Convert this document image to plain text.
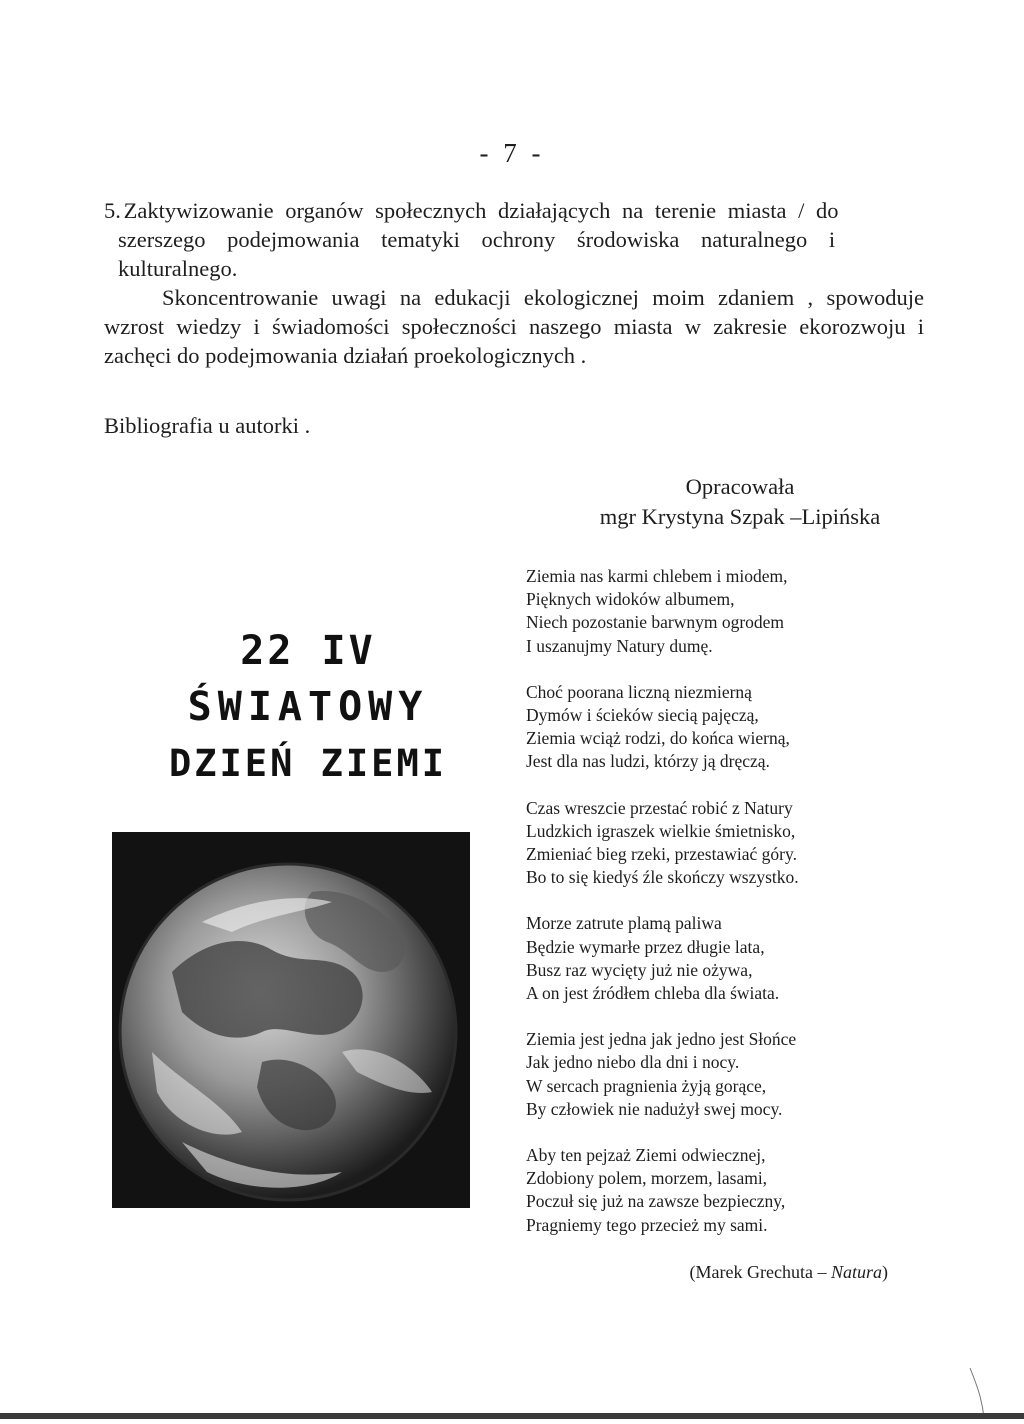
- 7 -
5. Zaktywizowanie organów społecznych działających na terenie miasta / do
szerszego podejmowania tematyki ochrony środowiska naturalnego i
kulturalnego.
Skoncentrowanie uwagi na edukacji ekologicznej moim zdaniem , spowoduje wzrost wiedzy i świadomości społeczności naszego miasta w zakresie ekorozwoju i zachęci do podejmowania działań proekologicznych .
Bibliografia u autorki .
Opracowała
mgr Krystyna Szpak –Lipińska
22 IV
ŚWIATOWY
DZIEŃ ZIEMI
Ziemia nas karmi chlebem i miodem,
Pięknych widoków albumem,
Niech pozostanie barwnym ogrodem
I uszanujmy Natury dumę.
Choć poorana liczną niezmierną
Dymów i ścieków siecią pajęczą,
Ziemia wciąż rodzi, do końca wierną,
Jest dla nas ludzi, którzy ją dręczą.
Czas wreszcie przestać robić z Natury
Ludzkich igraszek wielkie śmietnisko,
Zmieniać bieg rzeki, przestawiać góry.
Bo to się kiedyś źle skończy wszystko.
Morze zatrute plamą paliwa
Będzie wymarłe przez długie lata,
Busz raz wycięty już nie ożywa,
A on jest źródłem chleba dla świata.
Ziemia jest jedna jak jedno jest Słońce
Jak jedno niebo dla dni i nocy.
W sercach pragnienia żyją gorące,
By człowiek nie nadużył swej mocy.
Aby ten pejzaż Ziemi odwiecznej,
Zdobiony polem, morzem, lasami,
Poczuł się już na zawsze bezpieczny,
Pragniemy tego przecież my sami.
(Marek Grechuta – Natura)
